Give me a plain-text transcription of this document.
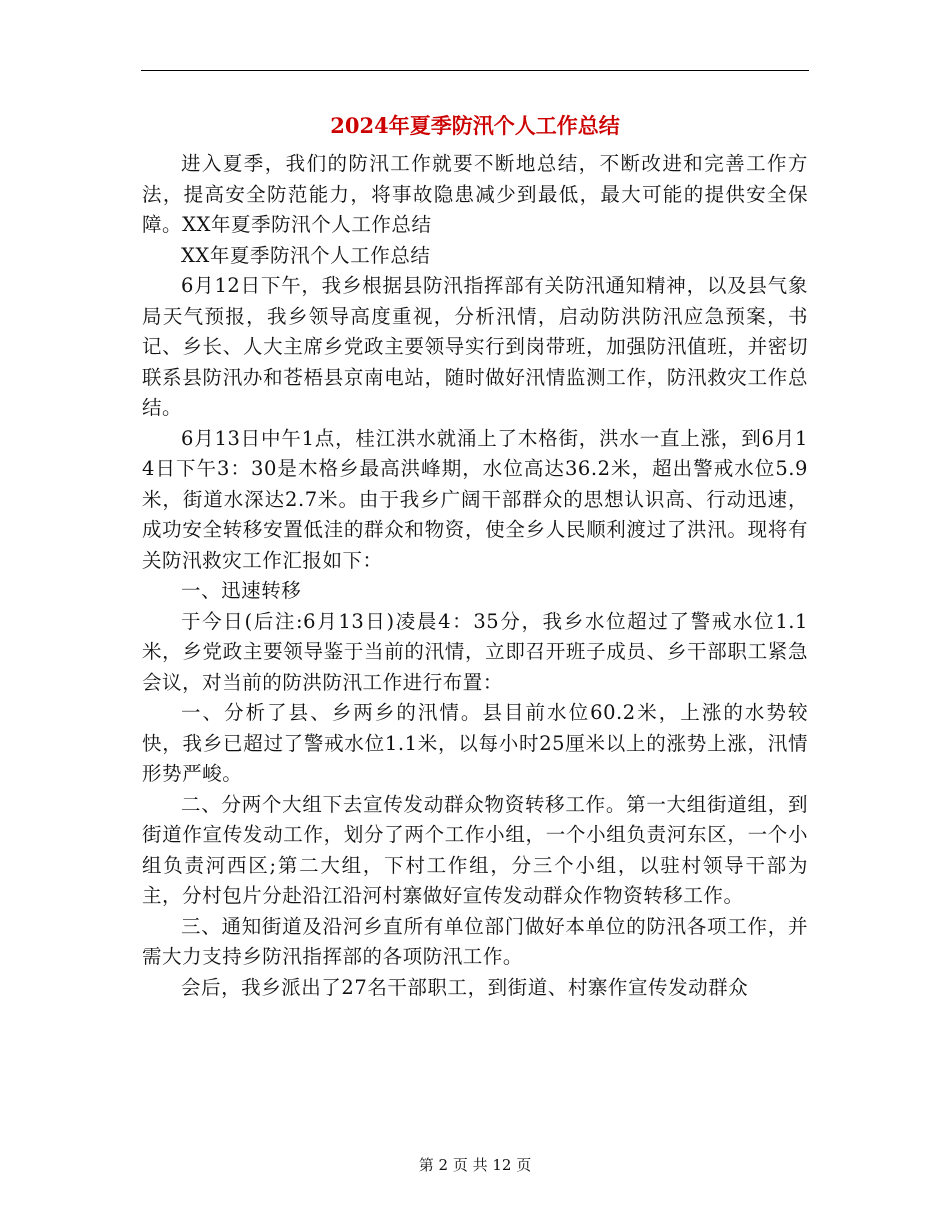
2024年夏季防汛个人工作总结

进入夏季，我们的防汛工作就要不断地总结，不断改进和完善工作方法，提高安全防范能力，将事故隐患减少到最低，最大可能的提供安全保障。XX年夏季防汛个人工作总结

XX年夏季防汛个人工作总结

6月12日下午，我乡根据县防汛指挥部有关防汛通知精神，以及县气象局天气预报，我乡领导高度重视，分析汛情，启动防洪防汛应急预案，书记、乡长、人大主席乡党政主要领导实行到岗带班，加强防汛值班，并密切联系县防汛办和苍梧县京南电站，随时做好汛情监测工作，防汛救灾工作总结。

6月13日中午1点，桂江洪水就涌上了木格街，洪水一直上涨，到6月14日下午3：30是木格乡最高洪峰期，水位高达36.2米，超出警戒水位5.9米，街道水深达2.7米。由于我乡广阔干部群众的思想认识高、行动迅速，成功安全转移安置低洼的群众和物资，使全乡人民顺利渡过了洪汛。现将有关防汛救灾工作汇报如下：

一、迅速转移

于今日(后注:6月13日)凌晨4：35分，我乡水位超过了警戒水位1.1米，乡党政主要领导鉴于当前的汛情，立即召开班子成员、乡干部职工紧急会议，对当前的防洪防汛工作进行布置：

一、分析了县、乡两乡的汛情。县目前水位60.2米，上涨的水势较快，我乡已超过了警戒水位1.1米，以每小时25厘米以上的涨势上涨，汛情形势严峻。

二、分两个大组下去宣传发动群众物资转移工作。第一大组街道组，到街道作宣传发动工作，划分了两个工作小组，一个小组负责河东区，一个小组负责河西区;第二大组，下村工作组，分三个小组，以驻村领导干部为主，分村包片分赴沿江沿河村寨做好宣传发动群众作物资转移工作。

三、通知街道及沿河乡直所有单位部门做好本单位的防汛各项工作，并需大力支持乡防汛指挥部的各项防汛工作。

会后，我乡派出了27名干部职工，到街道、村寨作宣传发动群众

第 2 页 共 12 页
